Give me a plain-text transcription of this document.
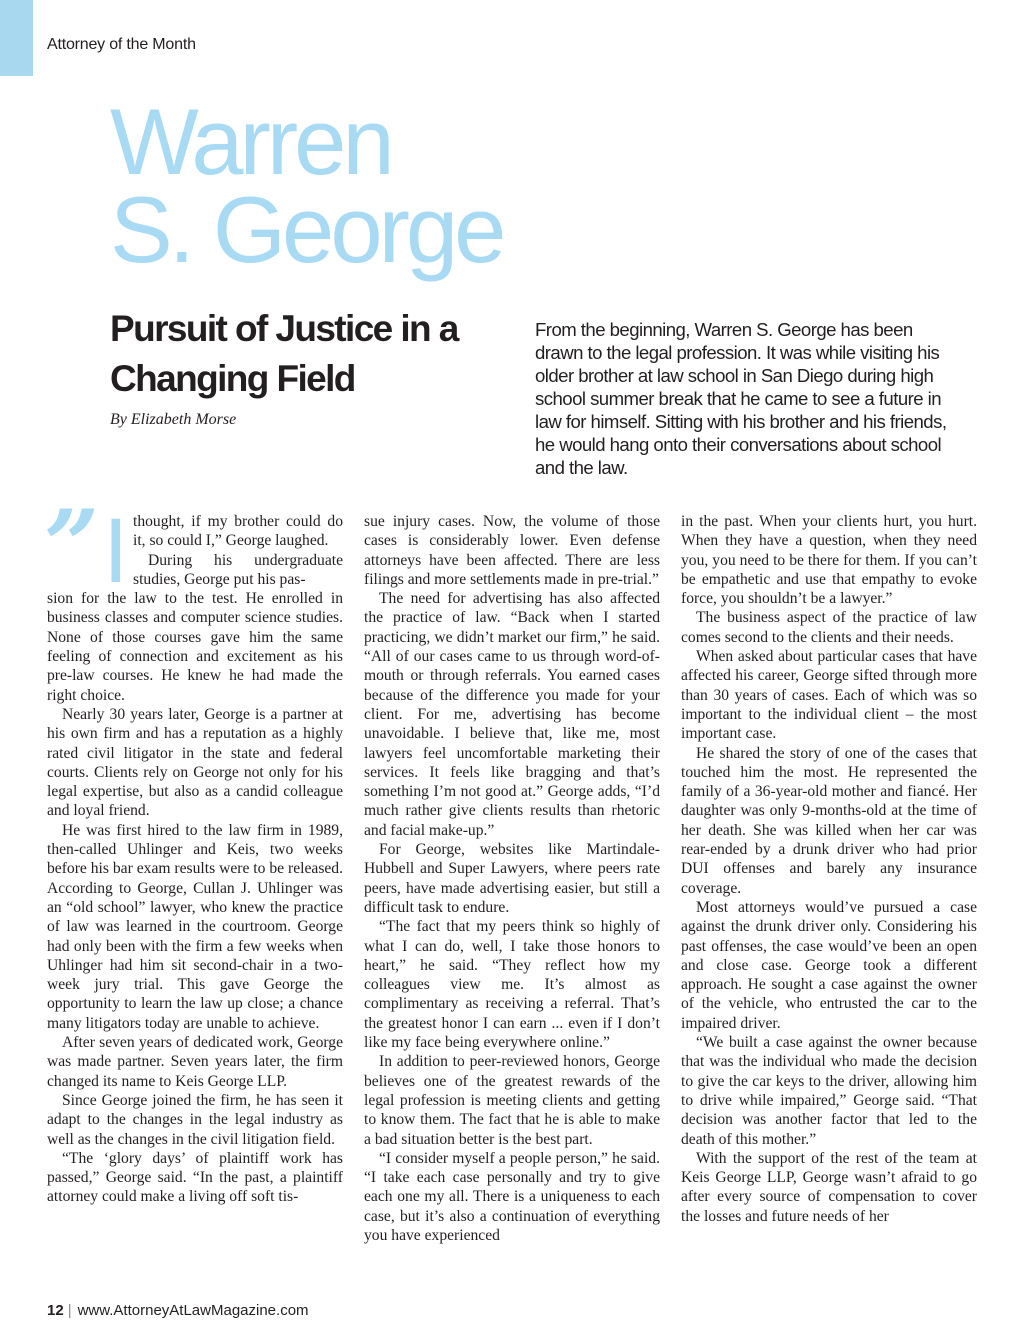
Attorney of the Month
Warren
S. George
Pursuit of Justice in a
Changing Field
By Elizabeth Morse
From the beginning, Warren S. George has been drawn to the legal profession. It was while visiting his older brother at law school in San Diego during high school summer break that he came to see a future in law for himself. Sitting with his brother and his friends, he would hang onto their conversations about school and the law.
” I thought, if my brother could do it, so could I,” George laughed.

During his undergraduate studies, George put his pas-

sion for the law to the test. He enrolled in business classes and computer science studies. None of those courses gave him the same feeling of connection and excitement as his pre-law courses. He knew he had made the right choice.

Nearly 30 years later, George is a partner at his own firm and has a reputation as a highly rated civil litigator in the state and federal courts. Clients rely on George not only for his legal expertise, but also as a candid colleague and loyal friend.

He was first hired to the law firm in 1989, then-called Uhlinger and Keis, two weeks before his bar exam results were to be released. According to George, Cullan J. Uhlinger was an “old school” lawyer, who knew the practice of law was learned in the courtroom. George had only been with the firm a few weeks when Uhlinger had him sit second-chair in a two-week jury trial. This gave George the opportunity to learn the law up close; a chance many litigators today are unable to achieve.

After seven years of dedicated work, George was made partner. Seven years later, the firm changed its name to Keis George LLP.

Since George joined the firm, he has seen it adapt to the changes in the legal industry as well as the changes in the civil litigation field.

“The ‘glory days’ of plaintiff work has passed,” George said. “In the past, a plaintiff attorney could make a living off soft tis-

sue injury cases. Now, the volume of those cases is considerably lower. Even defense attorneys have been affected. There are less filings and more settlements made in pre-trial.”

The need for advertising has also affected the practice of law. “Back when I started practicing, we didn’t market our firm,” he said. “All of our cases came to us through word-of-mouth or through referrals. You earned cases because of the difference you made for your client. For me, advertising has become unavoidable. I believe that, like me, most lawyers feel uncomfortable marketing their services. It feels like bragging and that’s something I’m not good at.” George adds, “I’d much rather give clients results than rhetoric and facial make-up.”

For George, websites like Martindale-Hubbell and Super Lawyers, where peers rate peers, have made advertising easier, but still a difficult task to endure.

“The fact that my peers think so highly of what I can do, well, I take those honors to heart,” he said. “They reflect how my colleagues view me. It’s almost as complimentary as receiving a referral. That’s the greatest honor I can earn ... even if I don’t like my face being everywhere online.”

In addition to peer-reviewed honors, George believes one of the greatest rewards of the legal profession is meeting clients and getting to know them. The fact that he is able to make a bad situation better is the best part.

“I consider myself a people person,” he said. “I take each case personally and try to give each one my all. There is a uniqueness to each case, but it’s also a continuation of everything you have experienced

in the past. When your clients hurt, you hurt. When they have a question, when they need you, you need to be there for them. If you can’t be empathetic and use that empathy to evoke force, you shouldn’t be a lawyer.”

The business aspect of the practice of law comes second to the clients and their needs.

When asked about particular cases that have affected his career, George sifted through more than 30 years of cases. Each of which was so important to the individual client – the most important case.

He shared the story of one of the cases that touched him the most. He represented the family of a 36-year-old mother and fiancé. Her daughter was only 9-months-old at the time of her death. She was killed when her car was rear-ended by a drunk driver who had prior DUI offenses and barely any insurance coverage.

Most attorneys would’ve pursued a case against the drunk driver only. Considering his past offenses, the case would’ve been an open and close case. George took a different approach. He sought a case against the owner of the vehicle, who entrusted the car to the impaired driver.

“We built a case against the owner because that was the individual who made the decision to give the car keys to the driver, allowing him to drive while impaired,” George said. “That decision was another factor that led to the death of this mother.”

With the support of the rest of the team at Keis George LLP, George wasn’t afraid to go after every source of compensation to cover the losses and future needs of her

12 | www.AttorneyAtLawMagazine.com
